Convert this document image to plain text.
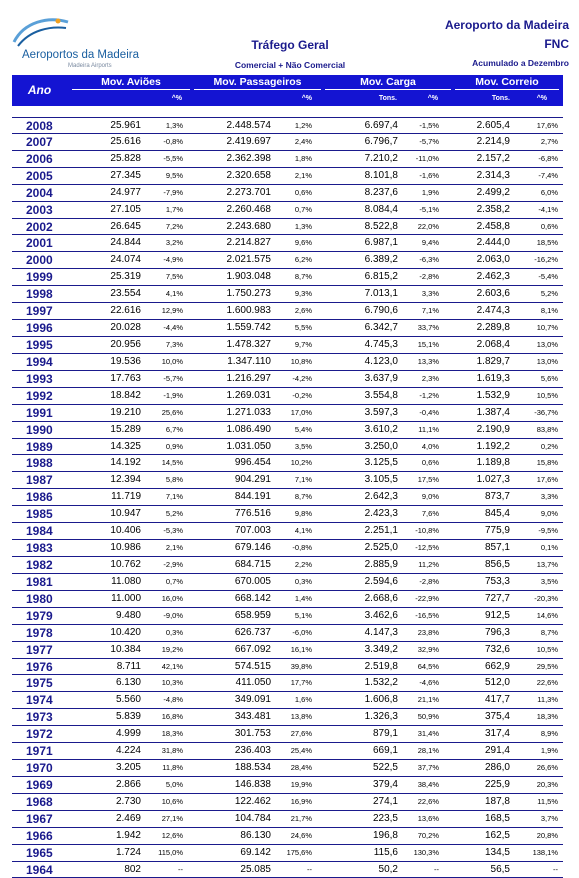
Aeroportos da Madeira
Madeira Airports
Tráfego Geral
Comercial + Não Comercial
Aeroporto da Madeira
FNC
Acumulado a Dezembro
Ano
Mov. Aviões
^%
Mov. Passageiros
^%
Mov. Carga
Tons.	^%
Mov. Correio
Tons.	^%
2008	25.961	1,3%	2.448.574	1,2%	6.697,4	-1,5%	2.605,4	17,6%
2007	25.616	-0,8%	2.419.697	2,4%	6.796,7	-5,7%	2.214,9	2,7%
2006	25.828	-5,5%	2.362.398	1,8%	7.210,2 -11,0%	2.157,2	-6,8%
2005	27.345	9,5%	2.320.658	2,1%	8.101,8	-1,6%	2.314,3	-7,4%
2004	24.977	-7,9%	2.273.701	0,6%	8.237,6	1,9%	2.499,2	6,0%
2003	27.105	1,7%	2.260.468	0,7%	8.084,4	-5,1%	2.358,2	-4,1%
2002	26.645	7,2%	2.243.680	1,3%	8.522,8	22,0%	2.458,8	0,6%
2001	24.844	3,2%	2.214.827	9,6%	6.987,1	9,4%	2.444,0	18,5%
2000	24.074	-4,9%	2.021.575	6,2%	6.389,2	-6,3%	2.063,0	-16,2%
1999	25.319	7,5%	1.903.048	8,7%	6.815,2	-2,8%	2.462,3	-5,4%
1998	23.554	4,1%	1.750.273	9,3%	7.013,1	3,3%	2.603,6	5,2%
1997	22.616	12,9%	1.600.983	2,6%	6.790,6	7,1%	2.474,3	8,1%
1996	20.028	-4,4%	1.559.742	5,5%	6.342,7	33,7%	2.289,8	10,7%
1995	20.956	7,3%	1.478.327	9,7%	4.745,3	15,1%	2.068,4	13,0%
1994	19.536	10,0%	1.347.110	10,8%	4.123,0	13,3%	1.829,7	13,0%
1993	17.763	-5,7%	1.216.297	-4,2%	3.637,9	2,3%	1.619,3	5,6%
1992	18.842	-1,9%	1.269.031	-0,2%	3.554,8	-1,2%	1.532,9	10,5%
1991	19.210	25,6%	1.271.033	17,0%	3.597,3	-0,4%	1.387,4	-36,7%
1990	15.289	6,7%	1.086.490	5,4%	3.610,2	11,1%	2.190,9	83,8%
1989	14.325	0,9%	1.031.050	3,5%	3.250,0	4,0%	1.192,2	0,2%
1988	14.192	14,5%	996.454	10,2%	3.125,5	0,6%	1.189,8	15,8%
1987	12.394	5,8%	904.291	7,1%	3.105,5	17,5%	1.027,3	17,6%
1986	11.719	7,1%	844.191	8,7%	2.642,3	9,0%	873,7	3,3%
1985	10.947	5,2%	776.516	9,8%	2.423,3	7,6%	845,4	9,0%
1984	10.406	-5,3%	707.003	4,1%	2.251,1 -10,8%	775,9	-9,5%
1983	10.986	2,1%	679.146	-0,8%	2.525,0 -12,5%	857,1	0,1%
1982	10.762	-2,9%	684.715	2,2%	2.885,9	11,2%	856,5	13,7%
1981	11.080	0,7%	670.005	0,3%	2.594,6	-2,8%	753,3	3,5%
1980	11.000	16,0%	668.142	1,4%	2.668,6 -22,9%	727,7	-20,3%
1979	9.480	-9,0%	658.959	5,1%	3.462,6 -16,5%	912,5	14,6%
1978	10.420	0,3%	626.737	-6,0%	4.147,3	23,8%	796,3	8,7%
1977	10.384	19,2%	667.092	16,1%	3.349,2	32,9%	732,6	10,5%
1976	8.711	42,1%	574.515	39,8%	2.519,8	64,5%	662,9	29,5%
1975	6.130	10,3%	411.050	17,7%	1.532,2	-4,6%	512,0	22,6%
1974	5.560	-4,8%	349.091	1,6%	1.606,8	21,1%	417,7	11,3%
1973	5.839	16,8%	343.481	13,8%	1.326,3	50,9%	375,4	18,3%
1972	4.999	18,3%	301.753	27,6%	879,1	31,4%	317,4	8,9%
1971	4.224	31,8%	236.403	25,4%	669,1	28,1%	291,4	1,9%
1970	3.205	11,8%	188.534	28,4%	522,5	37,7%	286,0	26,6%
1969	2.866	5,0%	146.838	19,9%	379,4	38,4%	225,9	20,3%
1968	2.730	10,6%	122.462	16,9%	274,1	22,6%	187,8	11,5%
1967	2.469	27,1%	104.784	21,7%	223,5	13,6%	168,5	3,7%
1966	1.942	12,6%	86.130	24,6%	196,8	70,2%	162,5	20,8%
1965	1.724 115,0%	69.142 175,6%	115,6 130,3%	134,5	138,1%
1964	802	--	25.085	--	50,2	--	56,5	--
